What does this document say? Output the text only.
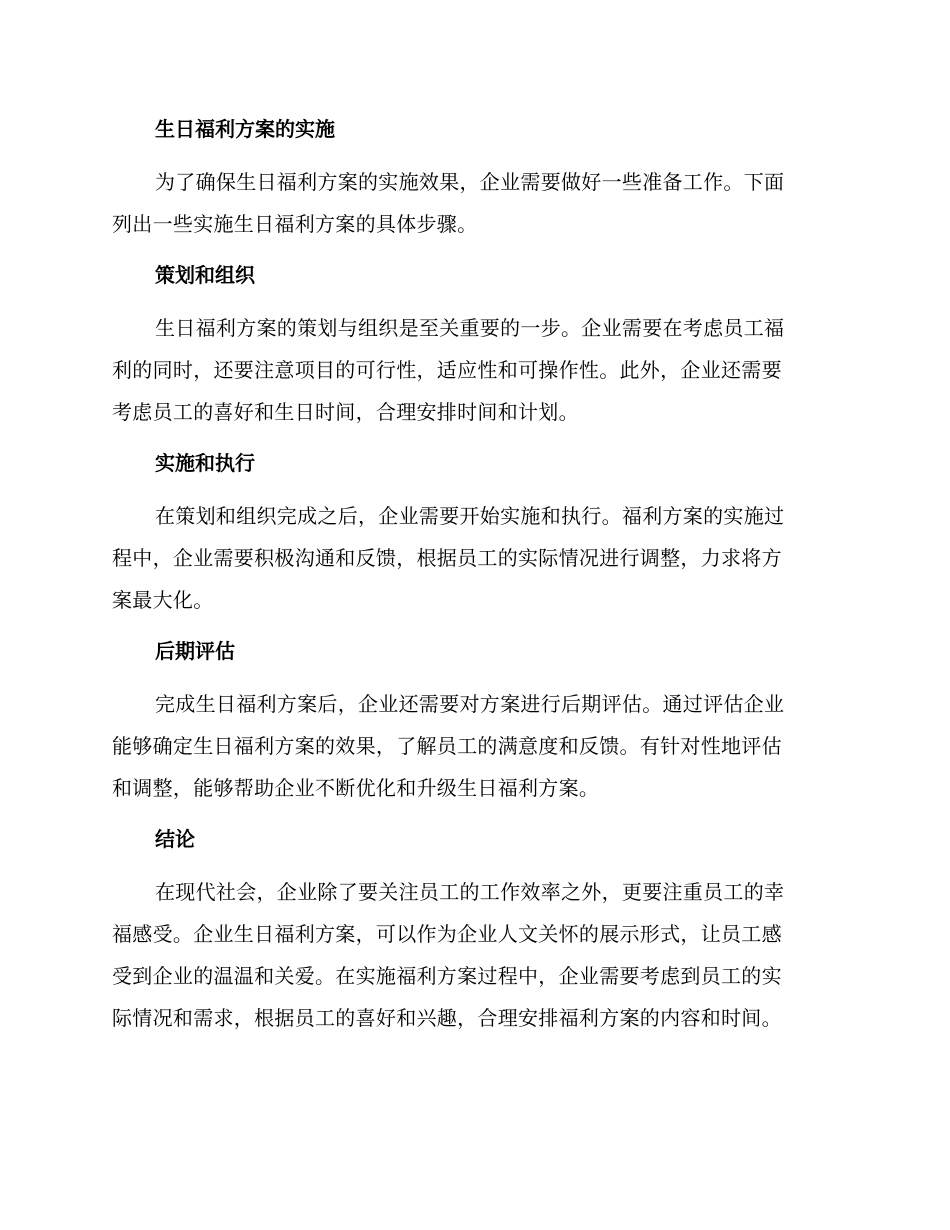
生日福利方案的实施
为了确保生日福利方案的实施效果，企业需要做好一些准备工作。下面
列出一些实施生日福利方案的具体步骤。
策划和组织
生日福利方案的策划与组织是至关重要的一步。企业需要在考虑员工福
利的同时，还要注意项目的可行性，适应性和可操作性。此外，企业还需要
考虑员工的喜好和生日时间，合理安排时间和计划。
实施和执行
在策划和组织完成之后，企业需要开始实施和执行。福利方案的实施过
程中，企业需要积极沟通和反馈，根据员工的实际情况进行调整，力求将方
案最大化。
后期评估
完成生日福利方案后，企业还需要对方案进行后期评估。通过评估企业
能够确定生日福利方案的效果，了解员工的满意度和反馈。有针对性地评估
和调整，能够帮助企业不断优化和升级生日福利方案。
结论
在现代社会，企业除了要关注员工的工作效率之外，更要注重员工的幸
福感受。企业生日福利方案，可以作为企业人文关怀的展示形式，让员工感
受到企业的温温和关爱。在实施福利方案过程中，企业需要考虑到员工的实
际情况和需求，根据员工的喜好和兴趣，合理安排福利方案的内容和时间。
